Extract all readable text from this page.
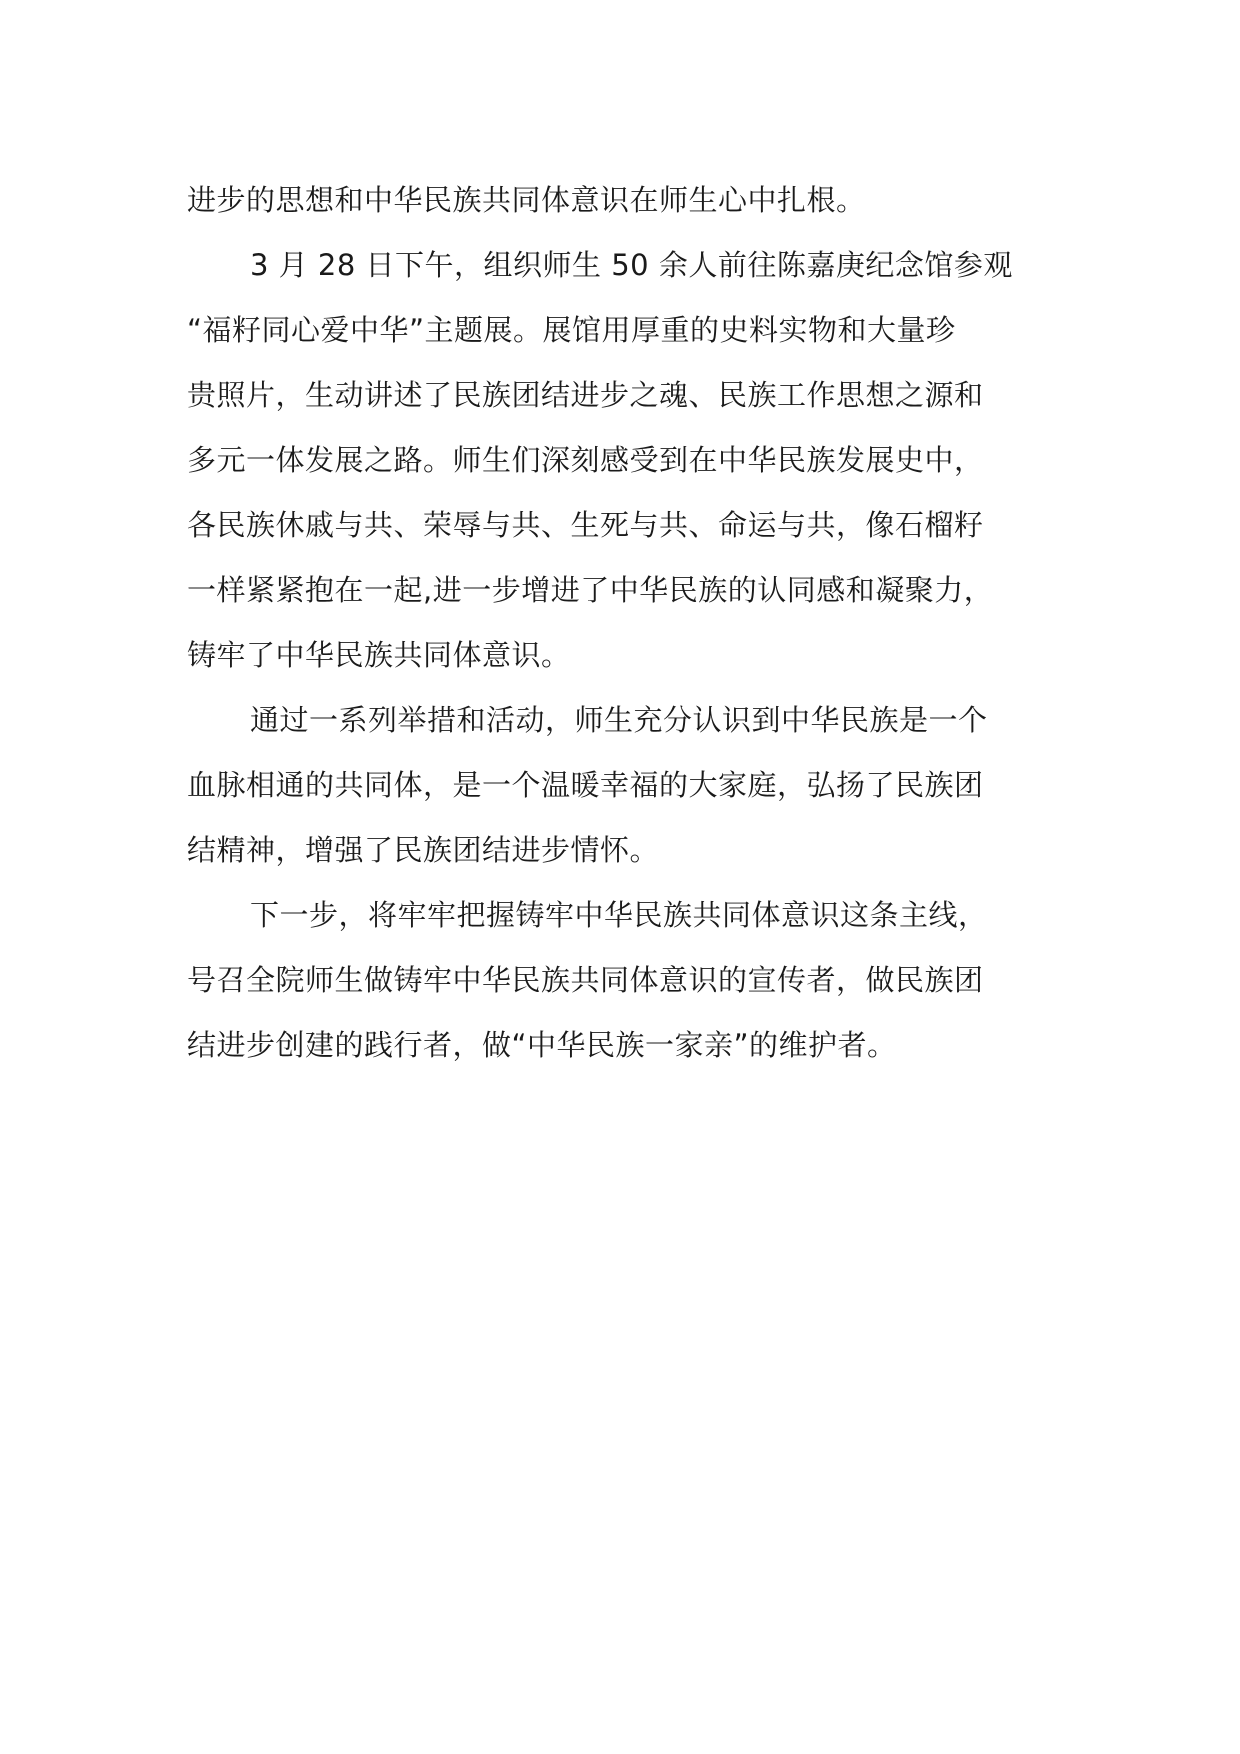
进步的思想和中华民族共同体意识在师生心中扎根。
3 月 28 日下午，组织师生 50 余人前往陈嘉庚纪念馆参观
“福籽同心爱中华”主题展。展馆用厚重的史料实物和大量珍
贵照片，生动讲述了民族团结进步之魂、民族工作思想之源和
多元一体发展之路。师生们深刻感受到在中华民族发展史中，
各民族休戚与共、荣辱与共、生死与共、命运与共，像石榴籽
一样紧紧抱在一起,进一步增进了中华民族的认同感和凝聚力，
铸牢了中华民族共同体意识。
通过一系列举措和活动，师生充分认识到中华民族是一个
血脉相通的共同体，是一个温暖幸福的大家庭，弘扬了民族团
结精神，增强了民族团结进步情怀。
下一步，将牢牢把握铸牢中华民族共同体意识这条主线，
号召全院师生做铸牢中华民族共同体意识的宣传者，做民族团
结进步创建的践行者，做“中华民族一家亲”的维护者。
